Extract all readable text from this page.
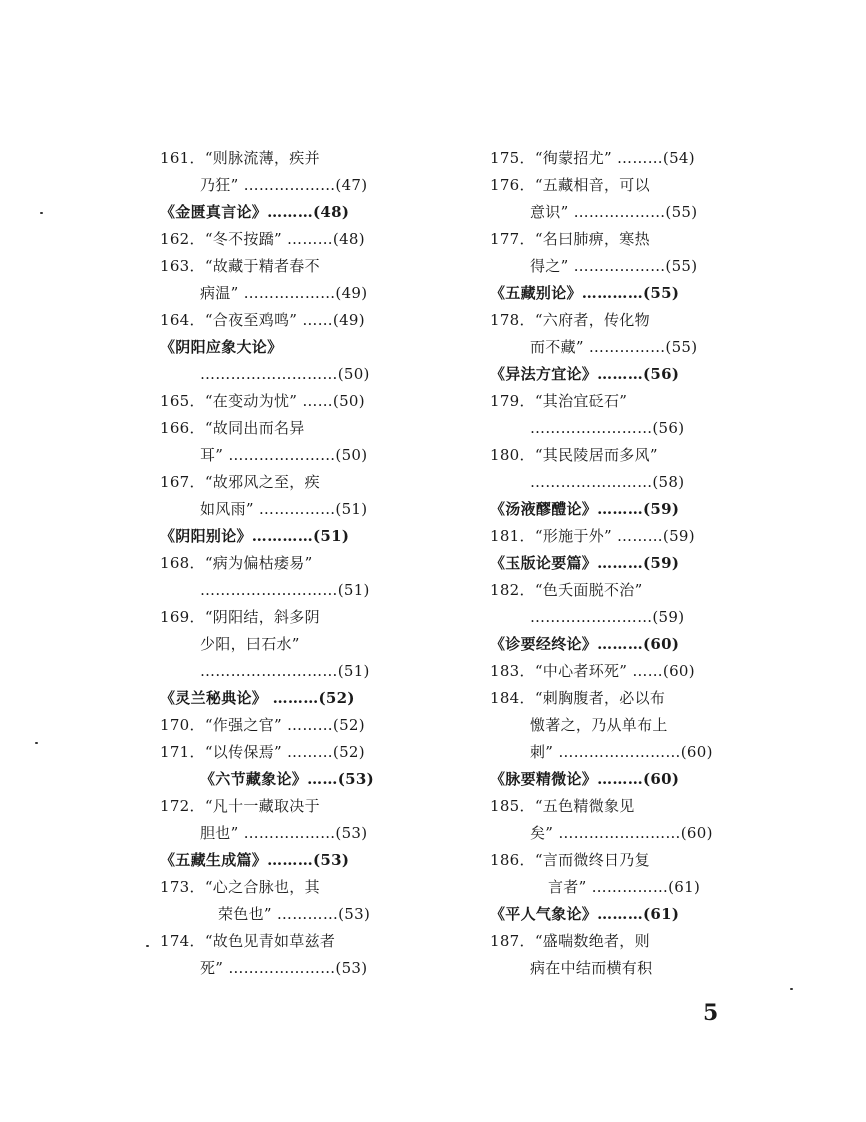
161．“则脉流薄，疾并
乃狂” ………………(47)
《金匮真言论》………(48)
162．“冬不按蹻” ………(48)
163．“故藏于精者春不
病温” ………………(49)
164．“合夜至鸡鸣” ……(49)
《阴阳应象大论》
………………………(50)
165．“在变动为忧” ……(50)
166．“故同出而名异
耳” …………………(50)
167．“故邪风之至，疾
如风雨” ……………(51)
《阴阳别论》…………(51)
168．“病为偏枯痿易”
………………………(51)
169．“阴阳结，斜多阴
少阳，曰石水”
………………………(51)
《灵兰秘典论》 ………(52)
170．“作强之官” ………(52)
171．“以传保焉” ………(52)
《六节藏象论》……(53)
172．“凡十一藏取决于
胆也” ………………(53)
《五藏生成篇》………(53)
173．“心之合脉也，其
荣色也” …………(53)
174．“故色见青如草兹者
死” …………………(53)
175．“徇蒙招尤” ………(54)
176．“五藏相音，可以
意识” ………………(55)
177．“名曰肺痹，寒热
得之” ………………(55)
《五藏别论》…………(55)
178．“六府者，传化物
而不藏” ……………(55)
《异法方宜论》………(56)
179．“其治宜砭石”
……………………(56)
180．“其民陵居而多风”
……………………(58)
《汤液醪醴论》………(59)
181．“形施于外” ………(59)
《玉版论要篇》………(59)
182．“色夭面脱不治”
……………………(59)
《诊要经终论》………(60)
183．“中心者环死” ……(60)
184．“刺胸腹者，必以布
憿著之，乃从单布上
刺” ……………………(60)
《脉要精微论》………(60)
185．“五色精微象见
矣” ……………………(60)
186．“言而微终日乃复
言者” ……………(61)
《平人气象论》………(61)
187．“盛喘数绝者，则
病在中结而横有积
5
